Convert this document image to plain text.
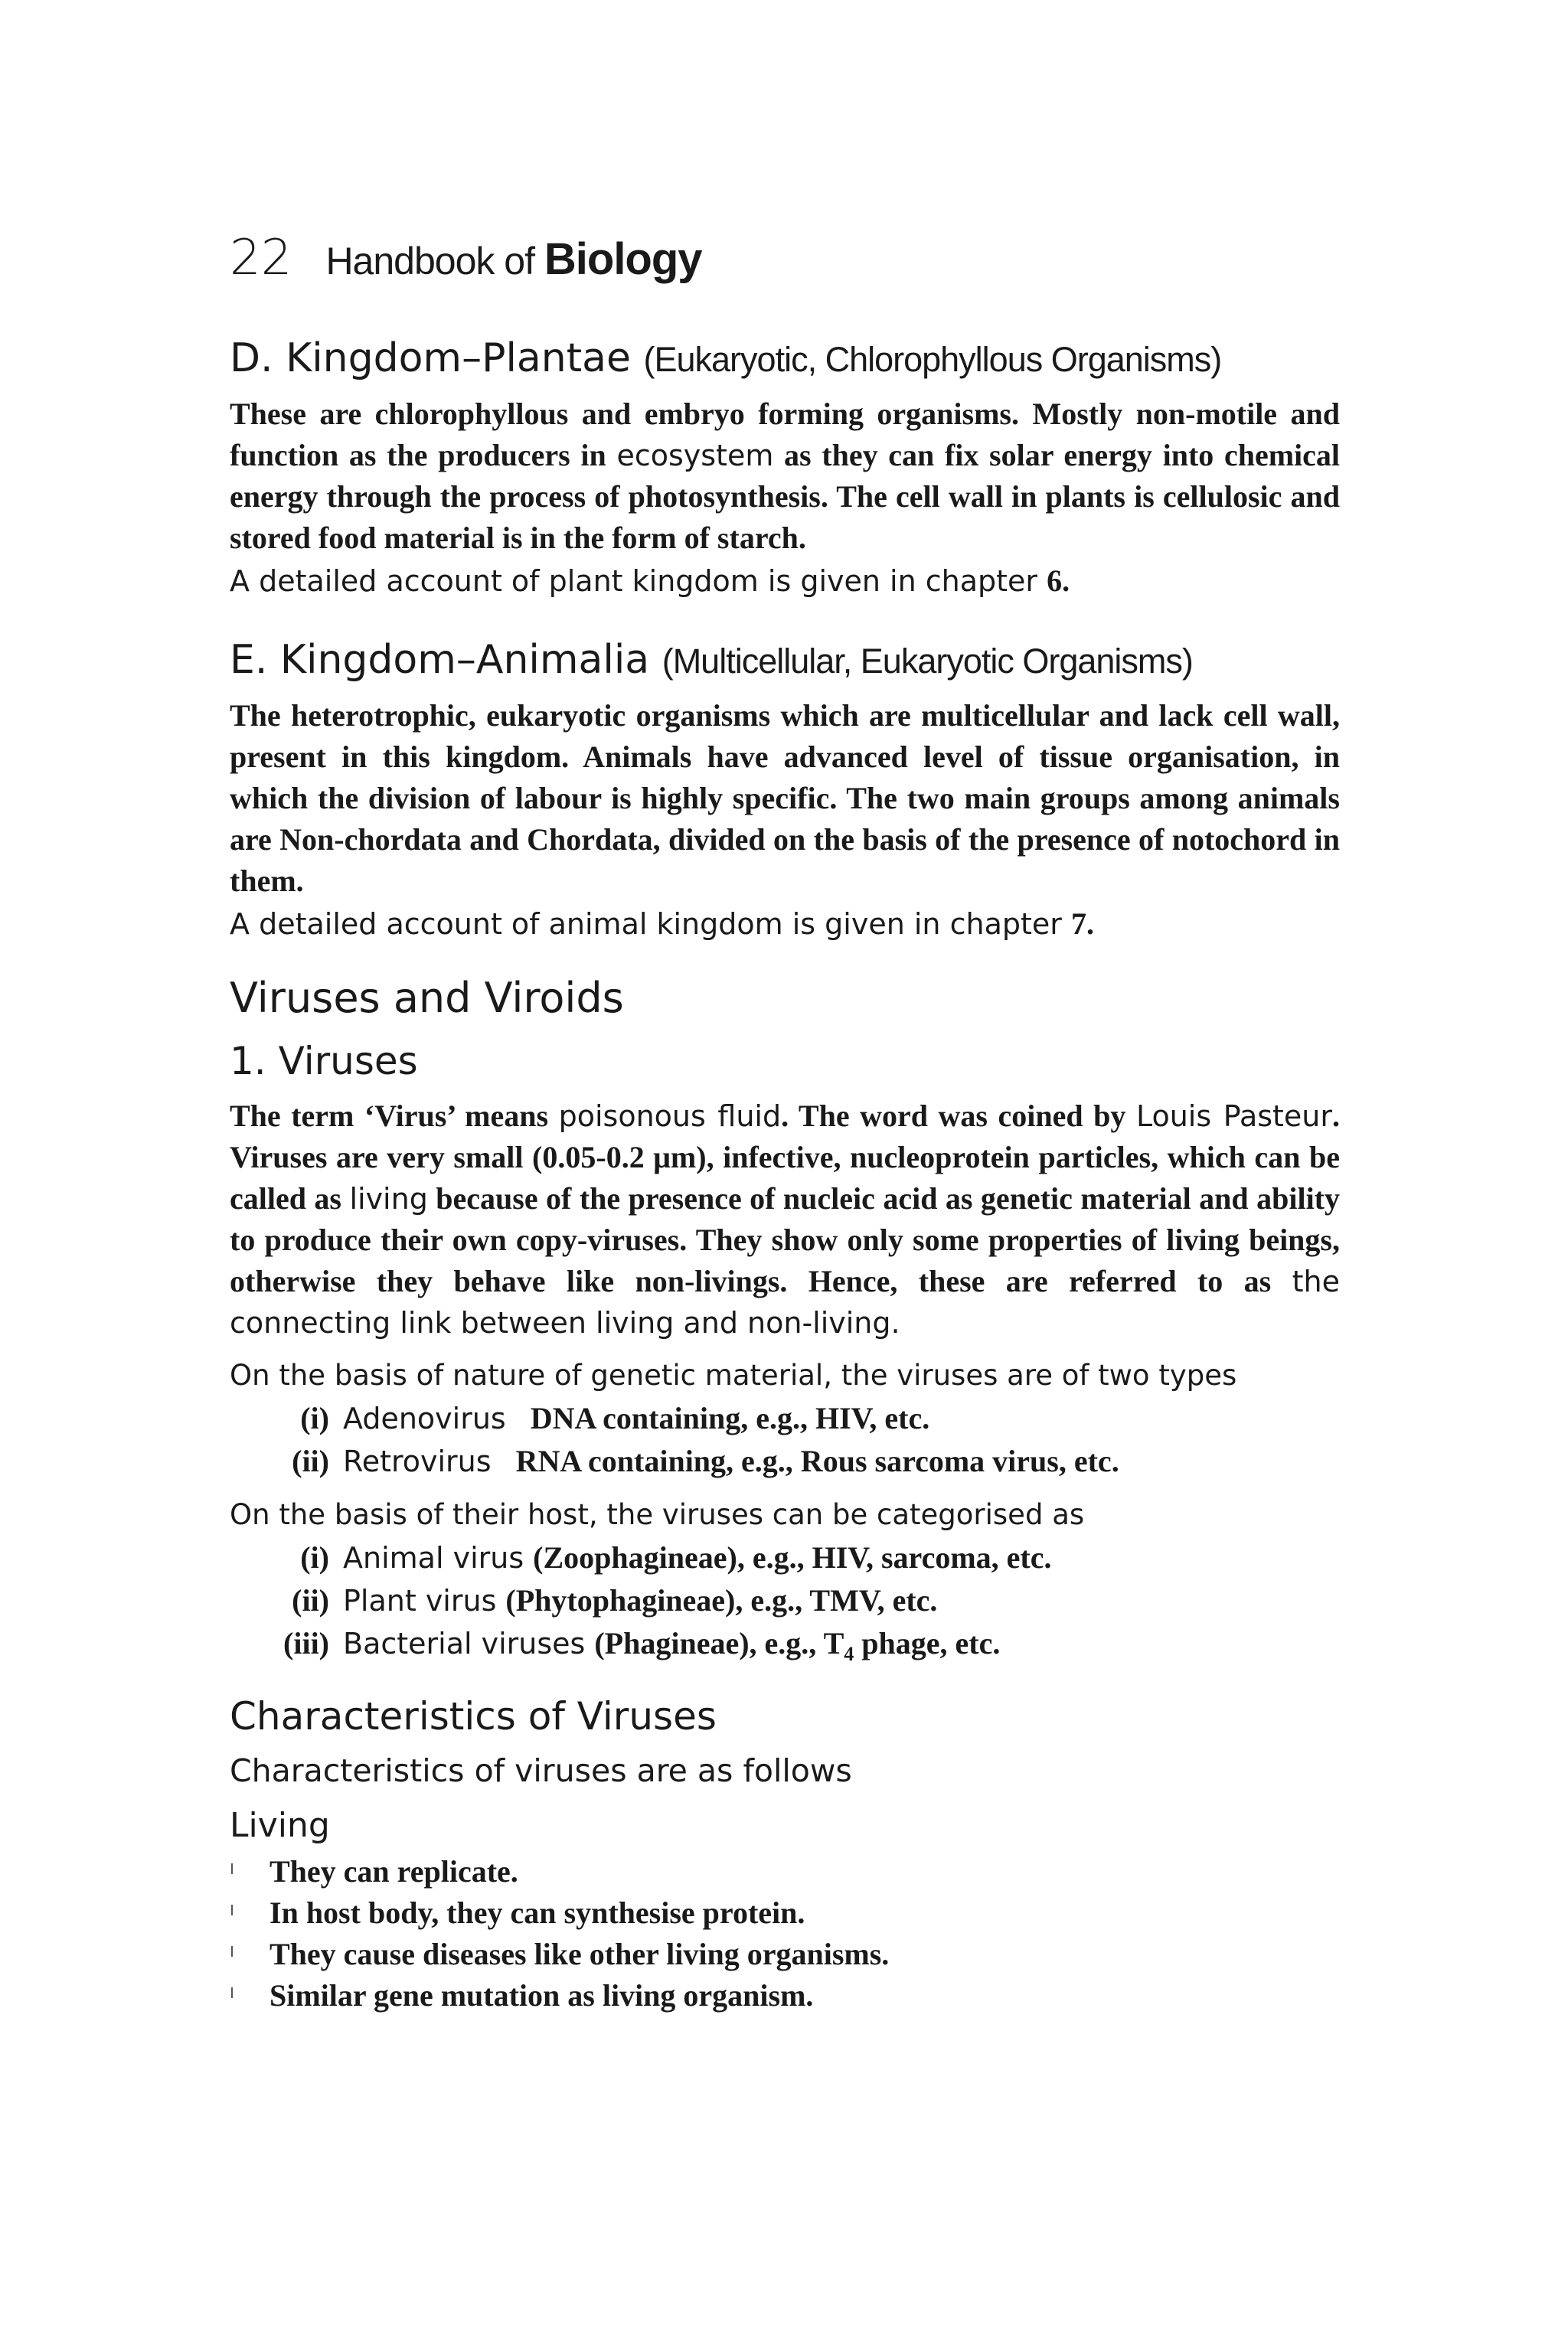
22 Handbook of Biology
D. Kingdom–Plantae (Eukaryotic, Chlorophyllous Organisms)

These are chlorophyllous and embryo forming organisms. Mostly non-motile and function as the producers in ecosystem as they can fix solar energy into chemical energy through the process of photosynthesis. The cell wall in plants is cellulosic and stored food material is in the form of starch.

A detailed account of plant kingdom is given in chapter 6.
E. Kingdom–Animalia (Multicellular, Eukaryotic Organisms)

The heterotrophic, eukaryotic organisms which are multicellular and lack cell wall, present in this kingdom. Animals have advanced level of tissue organisation, in which the division of labour is highly specific. The two main groups among animals are Non-chordata and Chordata, divided on the basis of the presence of notochord in them.

A detailed account of animal kingdom is given in chapter 7.
Viruses and Viroids
1. Viruses

The term ‘Virus’ means poisonous fluid. The word was coined by Louis Pasteur. Viruses are very small (0.05-0.2 μm), infective, nucleoprotein particles, which can be called as living because of the presence of nucleic acid as genetic material and ability to produce their own copy-viruses. They show only some properties of living beings, otherwise they behave like non-livings. Hence, these are referred to as the connecting link between living and non-living.

On the basis of nature of genetic material, the viruses are of two types
(i) Adenovirus DNA containing, e.g., HIV, etc.
(ii) Retrovirus RNA containing, e.g., Rous sarcoma virus, etc.
On the basis of their host, the viruses can be categorised as
(i) Animal virus (Zoophagineae), e.g., HIV, sarcoma, etc.
(ii) Plant virus (Phytophagineae), e.g., TMV, etc.
(iii) Bacterial viruses (Phagineae), e.g., $T_4$ phage, etc.
Characteristics of Viruses
Characteristics of viruses are as follows
Living
They can replicate.
In host body, they can synthesise protein.
They cause diseases like other living organisms.
Similar gene mutation as living organism.
